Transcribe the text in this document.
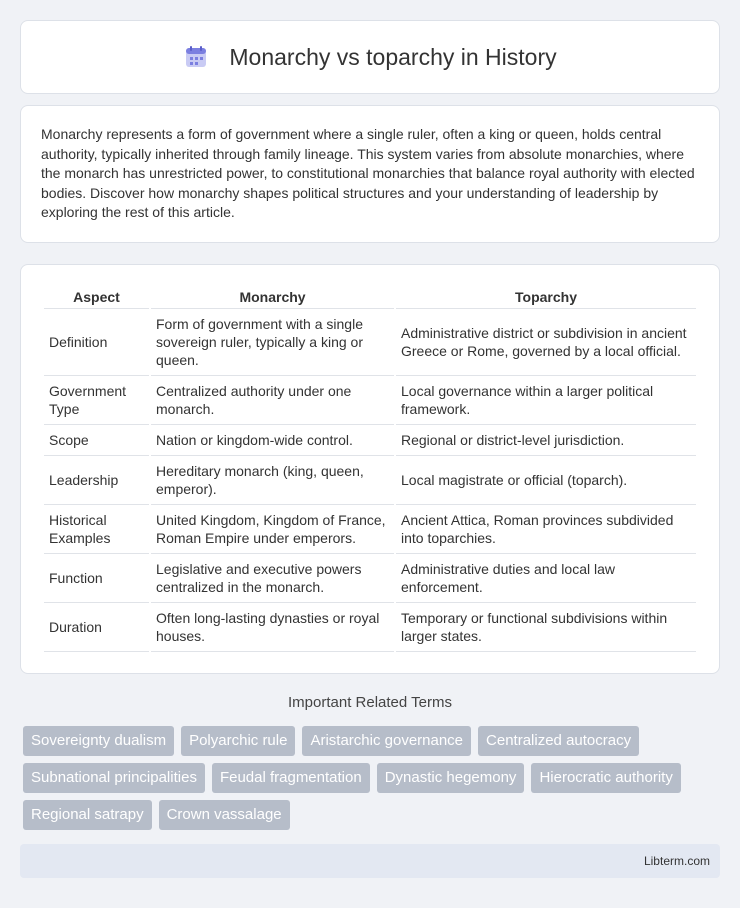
Monarchy vs toparchy in History

Monarchy represents a form of government where a single ruler, often a king or queen, holds central authority, typically inherited through family lineage. This system varies from absolute monarchies, where the monarch has unrestricted power, to constitutional monarchies that balance royal authority with elected bodies. Discover how monarchy shapes political structures and your understanding of leadership by exploring the rest of this article.

Aspect	Monarchy	Toparchy
Definition	Form of government with a single sovereign ruler, typically a king or queen.	Administrative district or subdivision in ancient Greece or Rome, governed by a local official.
Government Type	Centralized authority under one monarch.	Local governance within a larger political framework.
Scope	Nation or kingdom-wide control.	Regional or district-level jurisdiction.
Leadership	Hereditary monarch (king, queen, emperor).	Local magistrate or official (toparch).
Historical Examples	United Kingdom, Kingdom of France, Roman Empire under emperors.	Ancient Attica, Roman provinces subdivided into toparchies.
Function	Legislative and executive powers centralized in the monarch.	Administrative duties and local law enforcement.
Duration	Often long-lasting dynasties or royal houses.	Temporary or functional subdivisions within larger states.
Important Related Terms
Sovereignty dualism	Polyarchic rule	Aristarchic governance	Centralized autocracy
Subnational principalities	Feudal fragmentation	Dynastic hegemony	Hierocratic authority
Regional satrapy	Crown vassalage
Libterm.com
